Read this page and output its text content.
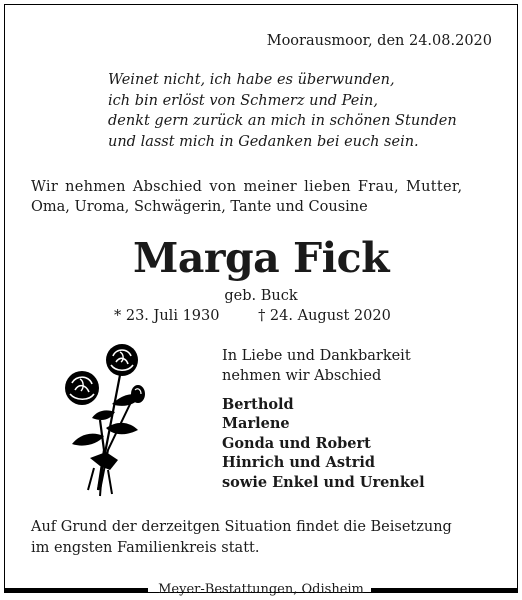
Moorausmoor, den 24.08.2020
Weinet nicht, ich habe es überwunden,
ich bin erlöst von Schmerz und Pein,
denkt gern zurück an mich in schönen Stunden
und lasst mich in Gedanken bei euch sein.
Wir nehmen Abschied von meiner lieben Frau, Mutter,
Oma, Uroma, Schwägerin, Tante und Cousine
Marga Fick
geb. Buck
* 23. Juli 1930	† 24. August 2020
In Liebe und Dankbarkeit
nehmen wir Abschied
Berthold
Marlene
Gonda und Robert
Hinrich und Astrid
sowie Enkel und Urenkel
Auf Grund der derzeitgen Situation findet die Beisetzung
im engsten Familienkreis statt.
Meyer-Bestattungen, Odisheim
